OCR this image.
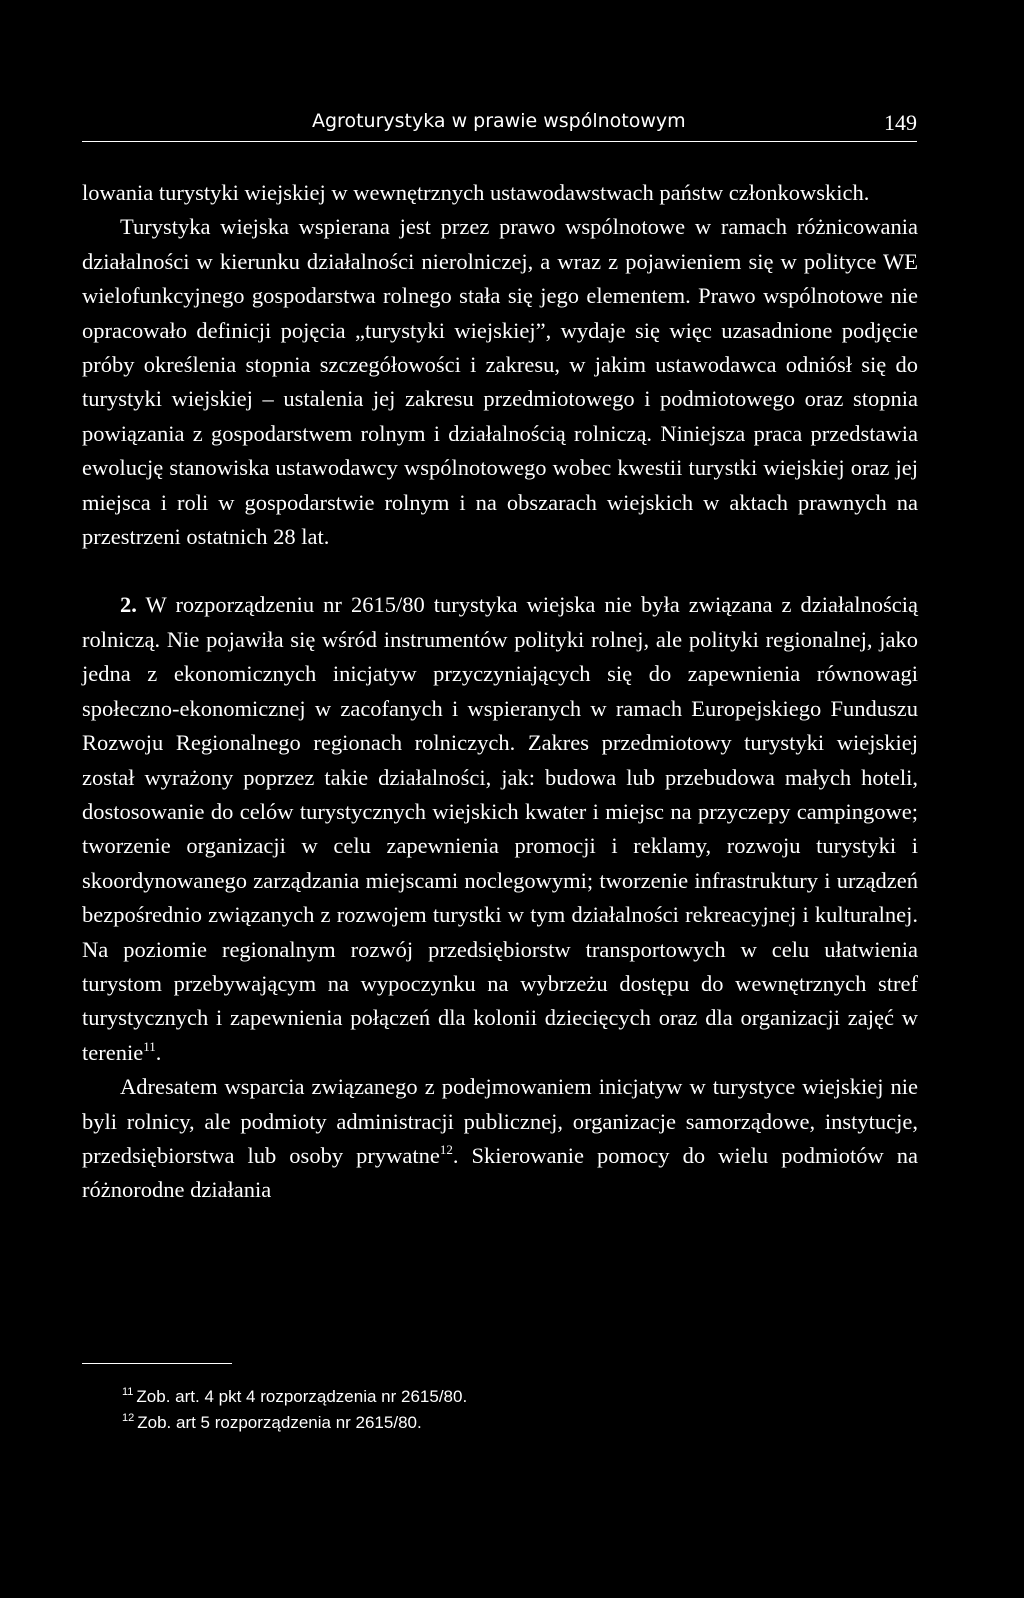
Agroturystyka w prawie wspólnotowym	149

lowania turystyki wiejskiej w wewnętrznych ustawodawstwach państw członkowskich.

Turystyka wiejska wspierana jest przez prawo wspólnotowe w ramach różnicowania działalności w kierunku działalności nierolniczej, a wraz z pojawieniem się w polityce WE wielofunkcyjnego gospodarstwa rolnego stała się jego elementem. Prawo wspólnotowe nie opracowało definicji pojęcia „turystyki wiejskiej”, wydaje się więc uzasadnione podjęcie próby określenia stopnia szczegółowości i zakresu, w jakim ustawodawca odniósł się do turystyki wiejskiej – ustalenia jej zakresu przedmiotowego i podmiotowego oraz stopnia powiązania z gospodarstwem rolnym i działalnością rolniczą. Niniejsza praca przedstawia ewolucję stanowiska ustawodawcy wspólnotowego wobec kwestii turystki wiejskiej oraz jej miejsca i roli w gospodarstwie rolnym i na obszarach wiejskich w aktach prawnych na przestrzeni ostatnich 28 lat.

2. W rozporządzeniu nr 2615/80 turystyka wiejska nie była związana z działalnością rolniczą. Nie pojawiła się wśród instrumentów polityki rolnej, ale polityki regionalnej, jako jedna z ekonomicznych inicjatyw przyczyniających się do zapewnienia równowagi społeczno-ekonomicznej w zacofanych i wspieranych w ramach Europejskiego Funduszu Rozwoju Regionalnego regionach rolniczych. Zakres przedmiotowy turystyki wiejskiej został wyrażony poprzez takie działalności, jak: budowa lub przebudowa małych hoteli, dostosowanie do celów turystycznych wiejskich kwater i miejsc na przyczepy campingowe; tworzenie organizacji w celu zapewnienia promocji i reklamy, rozwoju turystyki i skoordynowanego zarządzania miejscami noclegowymi; tworzenie infrastruktury i urządzeń bezpośrednio związanych z rozwojem turystki w tym działalności rekreacyjnej i kulturalnej. Na poziomie regionalnym rozwój przedsiębiorstw transportowych w celu ułatwienia turystom przebywającym na wypoczynku na wybrzeżu dostępu do wewnętrznych stref turystycznych i zapewnienia połączeń dla kolonii dziecięcych oraz dla organizacji zajęć w terenie$^{11}$.

Adresatem wsparcia związanego z podejmowaniem inicjatyw w turystyce wiejskiej nie byli rolnicy, ale podmioty administracji publicznej, organizacje samorządowe, instytucje, przedsiębiorstwa lub osoby prywatne$^{12}$. Skierowanie pomocy do wielu podmiotów na różnorodne działania

$^{11}$ Zob. art. 4 pkt 4 rozporządzenia nr 2615/80.
$^{12}$ Zob. art 5 rozporządzenia nr 2615/80.
